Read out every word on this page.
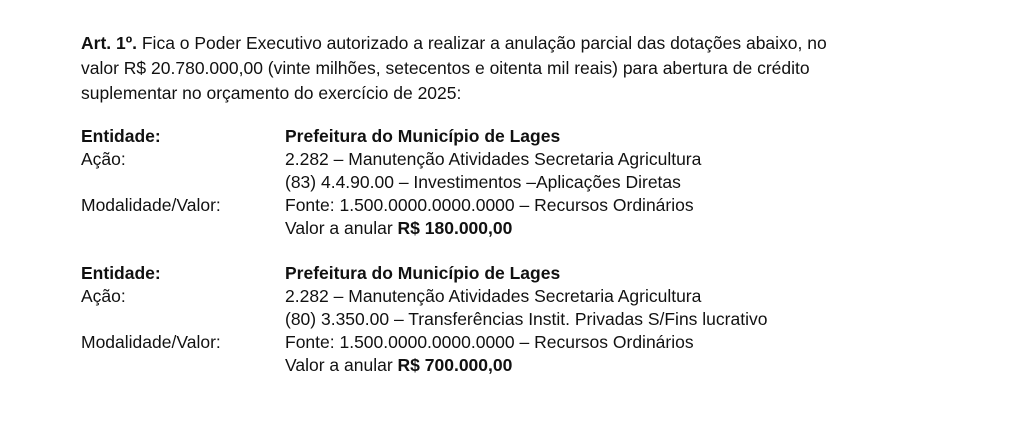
Art. 1º. Fica o Poder Executivo autorizado a realizar a anulação parcial das dotações abaixo, no
valor R$ 20.780.000,00 (vinte milhões, setecentos e oitenta mil reais) para abertura de crédito
suplementar no orçamento do exercício de 2025:

Entidade:	Prefeitura do Município de Lages
Ação:	2.282 – Manutenção Atividades Secretaria Agricultura
(83) 4.4.90.00 – Investimentos –Aplicações Diretas
Modalidade/Valor:	Fonte: 1.500.0000.0000.0000 – Recursos Ordinários
Valor a anular R$ 180.000,00
Entidade:	Prefeitura do Município de Lages
Ação:	2.282 – Manutenção Atividades Secretaria Agricultura
(80) 3.350.00 – Transferências Instit. Privadas S/Fins lucrativo
Modalidade/Valor:	Fonte: 1.500.0000.0000.0000 – Recursos Ordinários
Valor a anular R$ 700.000,00
